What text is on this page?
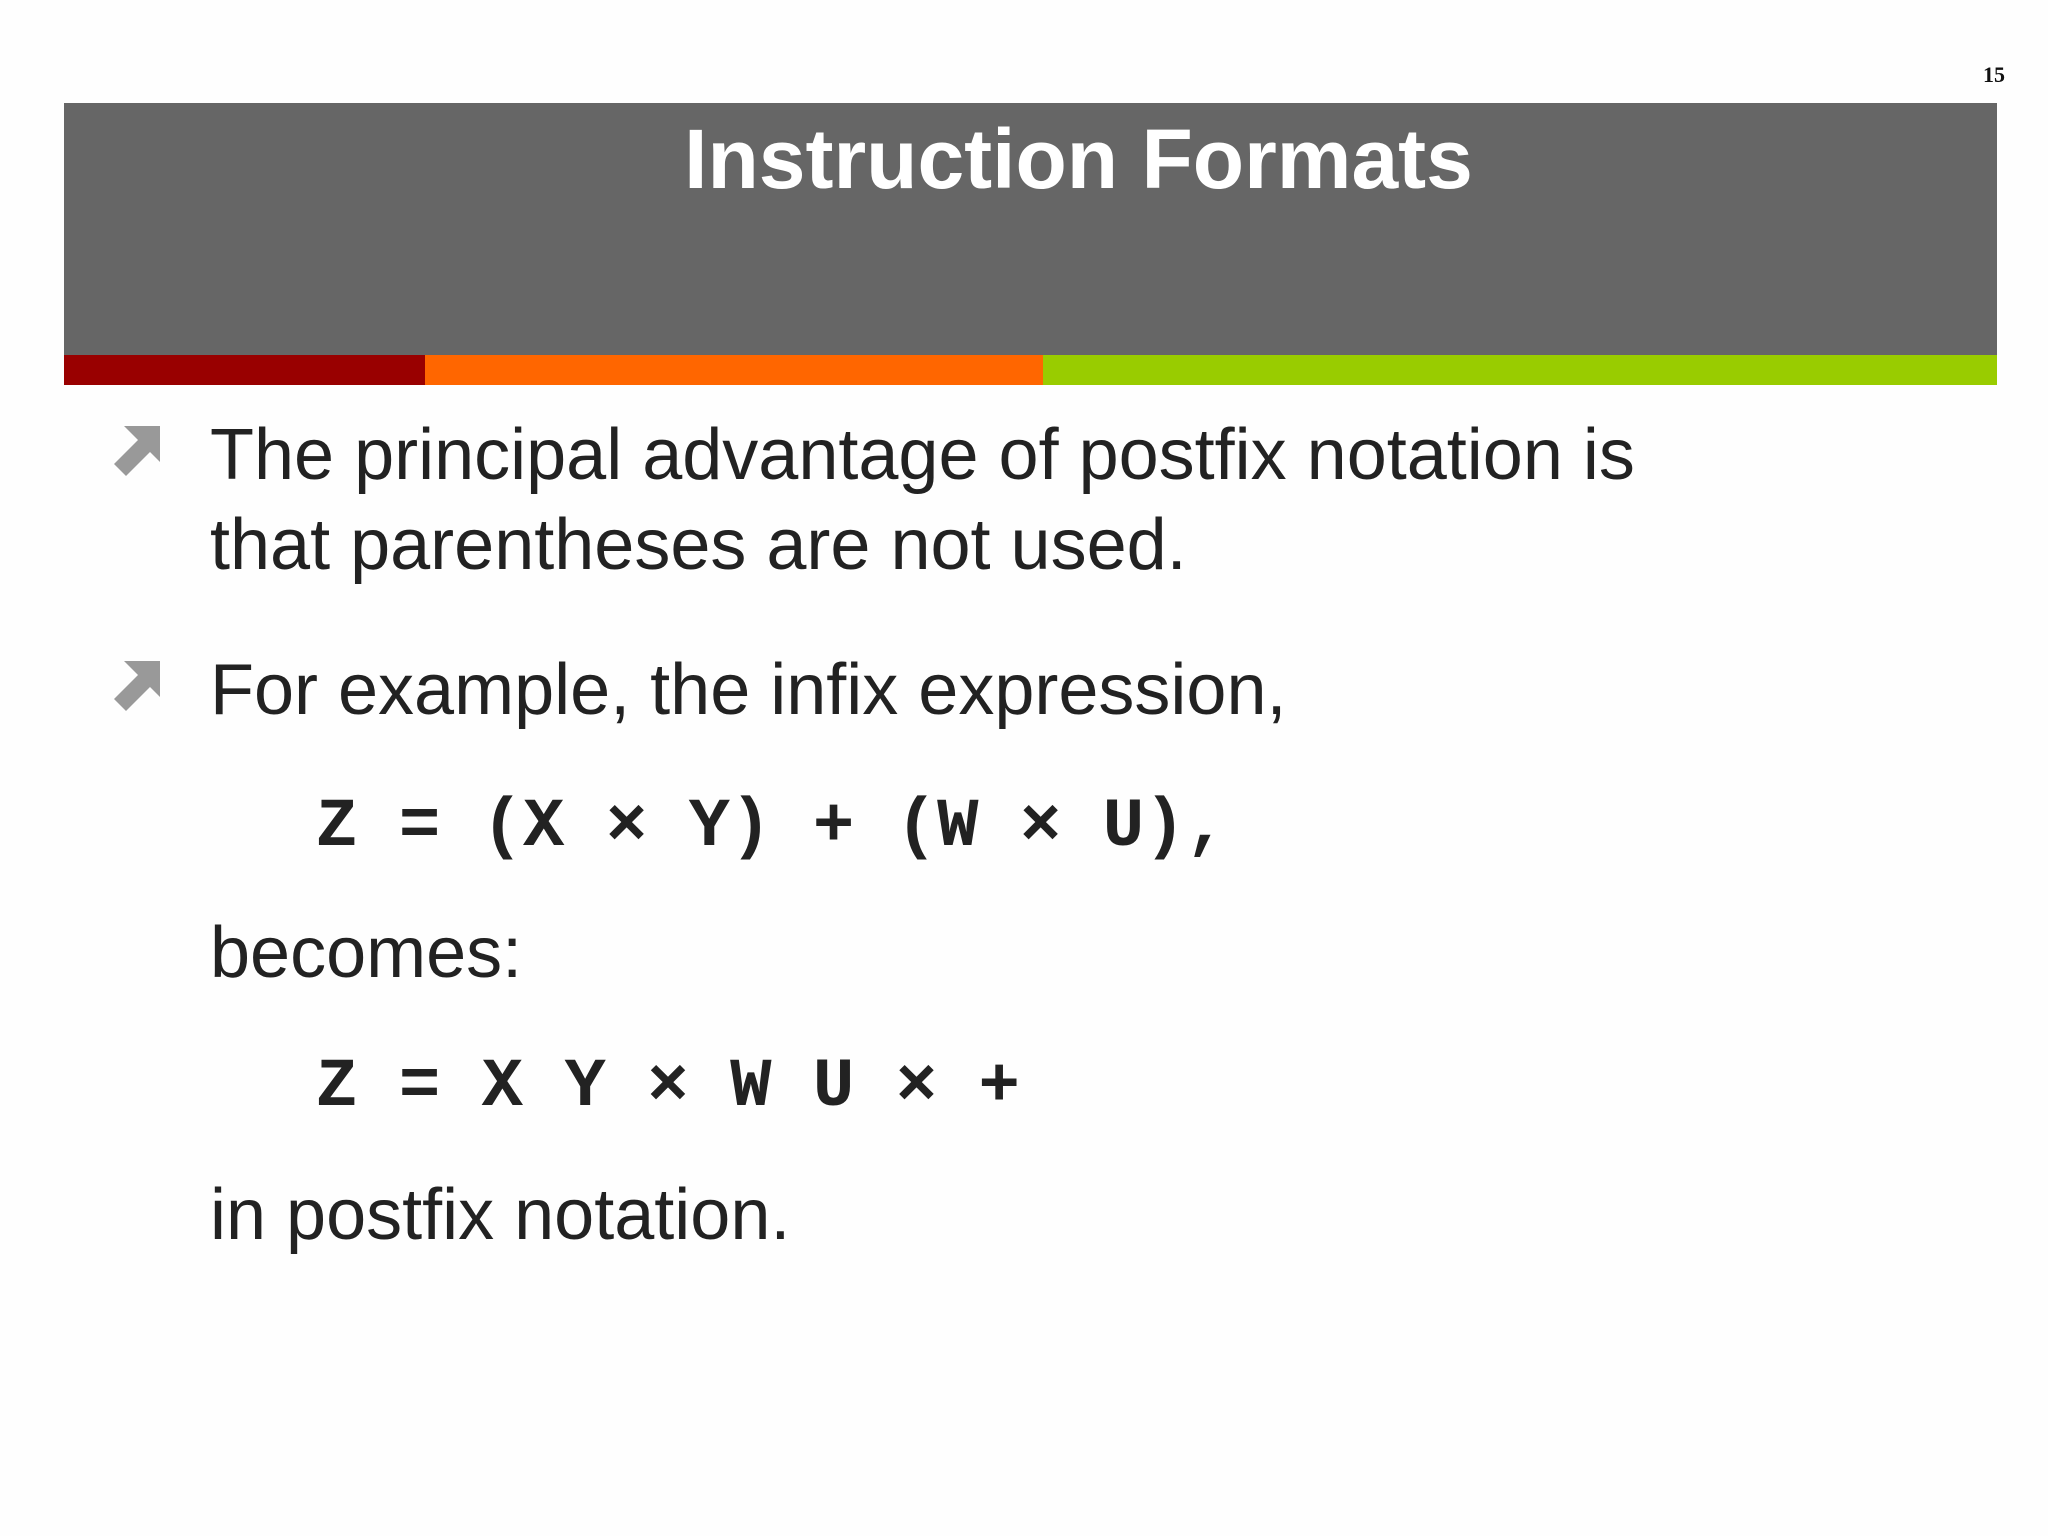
15
Instruction Formats

The principal advantage of postfix notation is

that parentheses are not used.

For example, the infix expression,

Z = (X × Y) + (W × U),

becomes:

Z = X Y × W U × +

in postfix notation.
